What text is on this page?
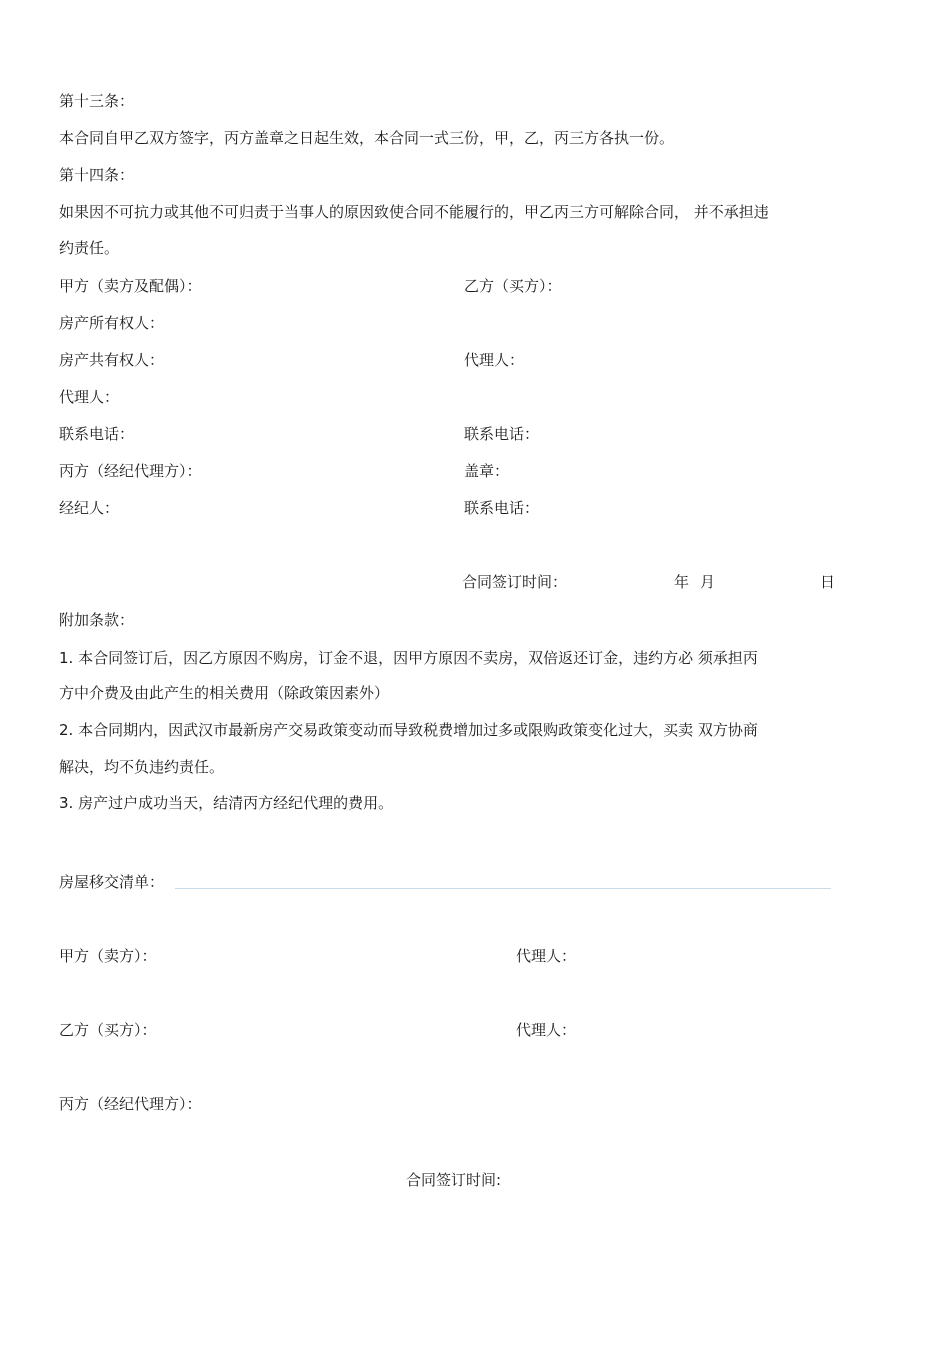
第十三条：
本合同自甲乙双方签字，丙方盖章之日起生效，本合同一式三份，甲，乙，丙三方各执一份。
第十四条：
如果因不可抗力或其他不可归责于当事人的原因致使合同不能履行的，甲乙丙三方可解除合同， 并不承担违
约责任。
甲方（卖方及配偶）：	乙方（买方）：
房产所有权人：
房产共有权人：	代理人：
代理人：
联系电话：	联系电话：
丙方（经纪代理方）：	盖章：
经纪人：	联系电话：
合同签订时间：	年 月	日
附加条款：
1. 本合同签订后，因乙方原因不购房，订金不退，因甲方原因不卖房，双倍返还订金，违约方必 须承担丙
方中介费及由此产生的相关费用（除政策因素外）
2. 本合同期内，因武汉市最新房产交易政策变动而导致税费增加过多或限购政策变化过大，买卖 双方协商
解决，均不负违约责任。
3. 房产过户成功当天，结清丙方经纪代理的费用。
房屋移交清单：
甲方（卖方）：	代理人：
乙方（买方）：	代理人：
丙方（经纪代理方）：
合同签订时间:
